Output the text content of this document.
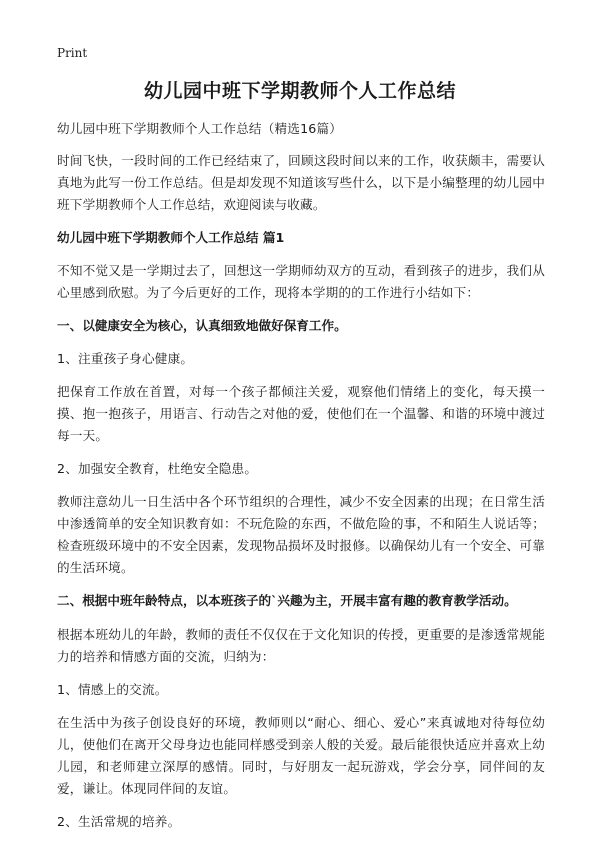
Print
幼儿园中班下学期教师个人工作总结

幼儿园中班下学期教师个人工作总结（精选16篇）

时间飞快，一段时间的工作已经结束了，回顾这段时间以来的工作，收获颇丰，需要认真地为此写一份工作总结。但是却发现不知道该写些什么，以下是小编整理的幼儿园中班下学期教师个人工作总结，欢迎阅读与收藏。

幼儿园中班下学期教师个人工作总结 篇1

不知不觉又是一学期过去了，回想这一学期师幼双方的互动，看到孩子的进步，我们从心里感到欣慰。为了今后更好的工作，现将本学期的的工作进行小结如下：

一、以健康安全为核心，认真细致地做好保育工作。

1、注重孩子身心健康。

把保育工作放在首置，对每一个孩子都倾注关爱，观察他们情绪上的变化，每天摸一摸、抱一抱孩子，用语言、行动告之对他的爱，使他们在一个温馨、和谐的环境中渡过每一天。

2、加强安全教育，杜绝安全隐患。

教师注意幼儿一日生活中各个环节组织的合理性，减少不安全因素的出现；在日常生活中渗透简单的安全知识教育如：不玩危险的东西，不做危险的事，不和陌生人说话等；检查班级环境中的不安全因素，发现物品损坏及时报修。以确保幼儿有一个安全、可靠的生活环境。

二、根据中班年龄特点，以本班孩子的`兴趣为主，开展丰富有趣的教育教学活动。

根据本班幼儿的年龄，教师的责任不仅仅在于文化知识的传授，更重要的是渗透常规能力的培养和情感方面的交流，归纳为：

1、情感上的交流。

在生活中为孩子创设良好的环境，教师则以“耐心、细心、爱心”来真诚地对待每位幼儿，使他们在离开父母身边也能同样感受到亲人般的关爱。最后能很快适应并喜欢上幼儿园，和老师建立深厚的感情。同时，与好朋友一起玩游戏，学会分享，同伴间的友爱，谦让。体现同伴间的友谊。

2、生活常规的培养。
